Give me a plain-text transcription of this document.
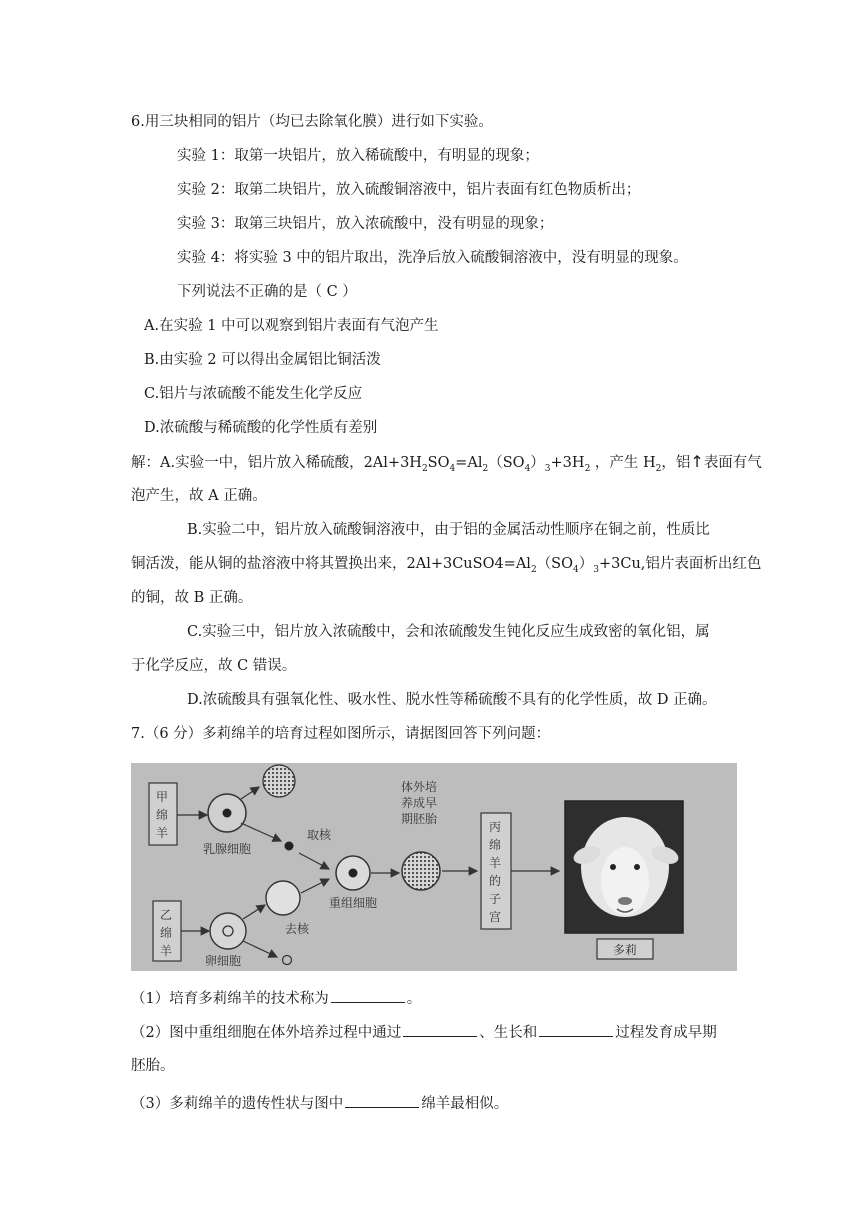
6.用三块相同的铝片（均已去除氧化膜）进行如下实验。
实验 1：取第一块铝片，放入稀硫酸中，有明显的现象；
实验 2：取第二块铝片，放入硫酸铜溶液中，铝片表面有红色物质析出；
实验 3：取第三块铝片，放入浓硫酸中，没有明显的现象；
实验 4：将实验 3 中的铝片取出，洗净后放入硫酸铜溶液中，没有明显的现象。
下列说法不正确的是（ C ）
A.在实验 1 中可以观察到铝片表面有气泡产生
B.由实验 2 可以得出金属铝比铜活泼
C.铝片与浓硫酸不能发生化学反应
D.浓硫酸与稀硫酸的化学性质有差别
解：A.实验一中，铝片放入稀硫酸，$2Al+3H_2SO_4=Al_2(SO_4)_3+3H_2$ ，产生 $H_2$，铝↑表面有气
泡产生，故 A 正确。
B.实验二中，铝片放入硫酸铜溶液中，由于铝的金属活动性顺序在铜之前，性质比
铜活泼，能从铜的盐溶液中将其置换出来，$2Al+3CuSO4=Al_2(SO_4)_3+3Cu$,铝片表面析出红色
的铜，故 B 正确。
C.实验三中，铝片放入浓硫酸中，会和浓硫酸发生钝化反应生成致密的氧化铝，属
于化学反应，故 C 错误。
D.浓硫酸具有强氧化性、吸水性、脱水性等稀硫酸不具有的化学性质，故 D 正确。
7.（6 分）多莉绵羊的培育过程如图所示，请据图回答下列问题：
甲
绵
羊
乙
绵
羊
乳腺细胞
取核
卵细胞
去核
重组细胞
体外培
养成早
期胚胎
丙
绵
羊
的
子
宫
多莉
（1）培育多莉绵羊的技术称为	。
（2）图中重组细胞在体外培养过程中通过	、生长和	过程发育成早期
胚胎。
（3）多莉绵羊的遗传性状与图中	绵羊最相似。
